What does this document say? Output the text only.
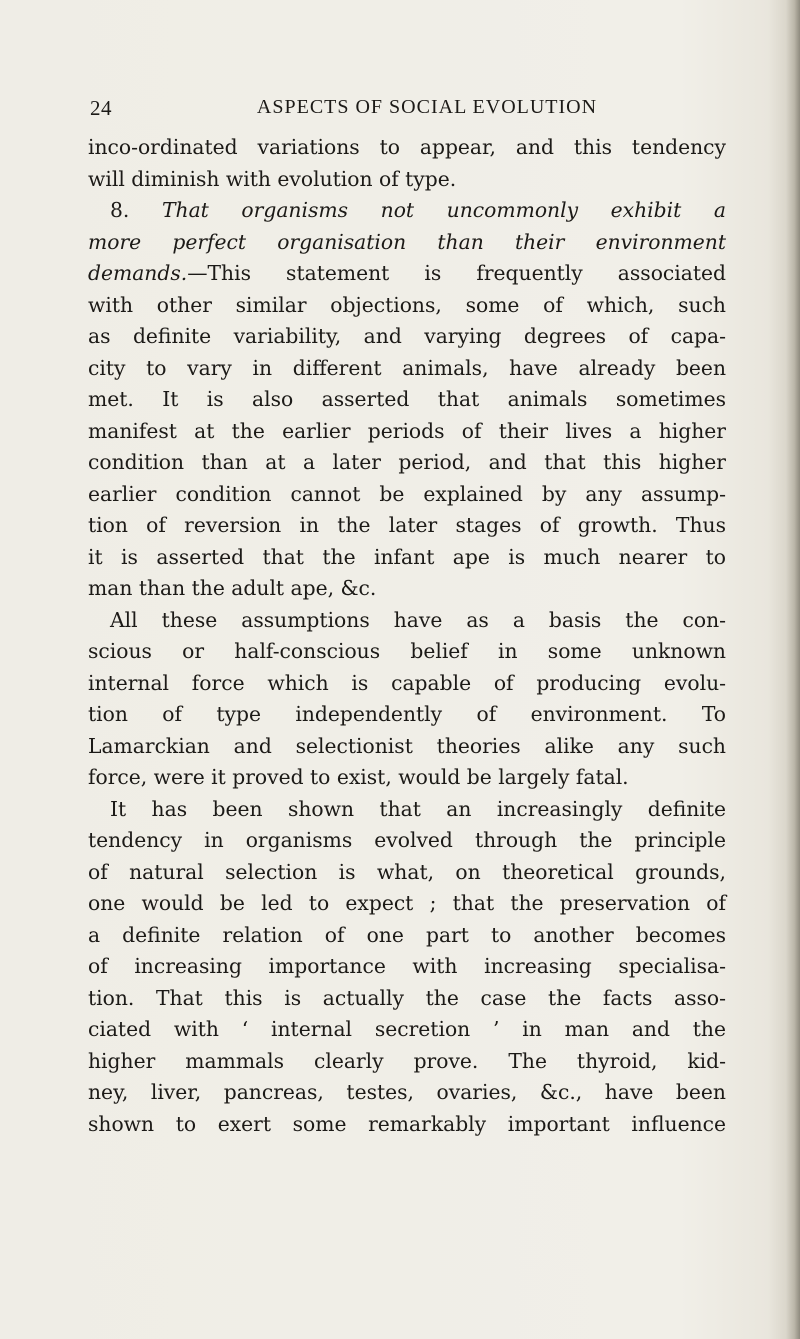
24	ASPECTS OF SOCIAL EVOLUTION
inco-ordinated variations to appear, and this tendency
will diminish with evolution of type.
8. That organisms not uncommonly exhibit a
more perfect organisation than their environment
demands.—This statement is frequently associated
with other similar objections, some of which, such
as definite variability, and varying degrees of capa-
city to vary in different animals, have already been
met. It is also asserted that animals sometimes
manifest at the earlier periods of their lives a higher
condition than at a later period, and that this higher
earlier condition cannot be explained by any assump-
tion of reversion in the later stages of growth. Thus
it is asserted that the infant ape is much nearer to
man than the adult ape, &c.
All these assumptions have as a basis the con-
scious or half-conscious belief in some unknown
internal force which is capable of producing evolu-
tion of type independently of environment. To
Lamarckian and selectionist theories alike any such
force, were it proved to exist, would be largely fatal.
It has been shown that an increasingly definite
tendency in organisms evolved through the principle
of natural selection is what, on theoretical grounds,
one would be led to expect ; that the preservation of
a definite relation of one part to another becomes
of increasing importance with increasing specialisa-
tion. That this is actually the case the facts asso-
ciated with ‘ internal secretion ’ in man and the
higher mammals clearly prove. The thyroid, kid-
ney, liver, pancreas, testes, ovaries, &c., have been
shown to exert some remarkably important influence
